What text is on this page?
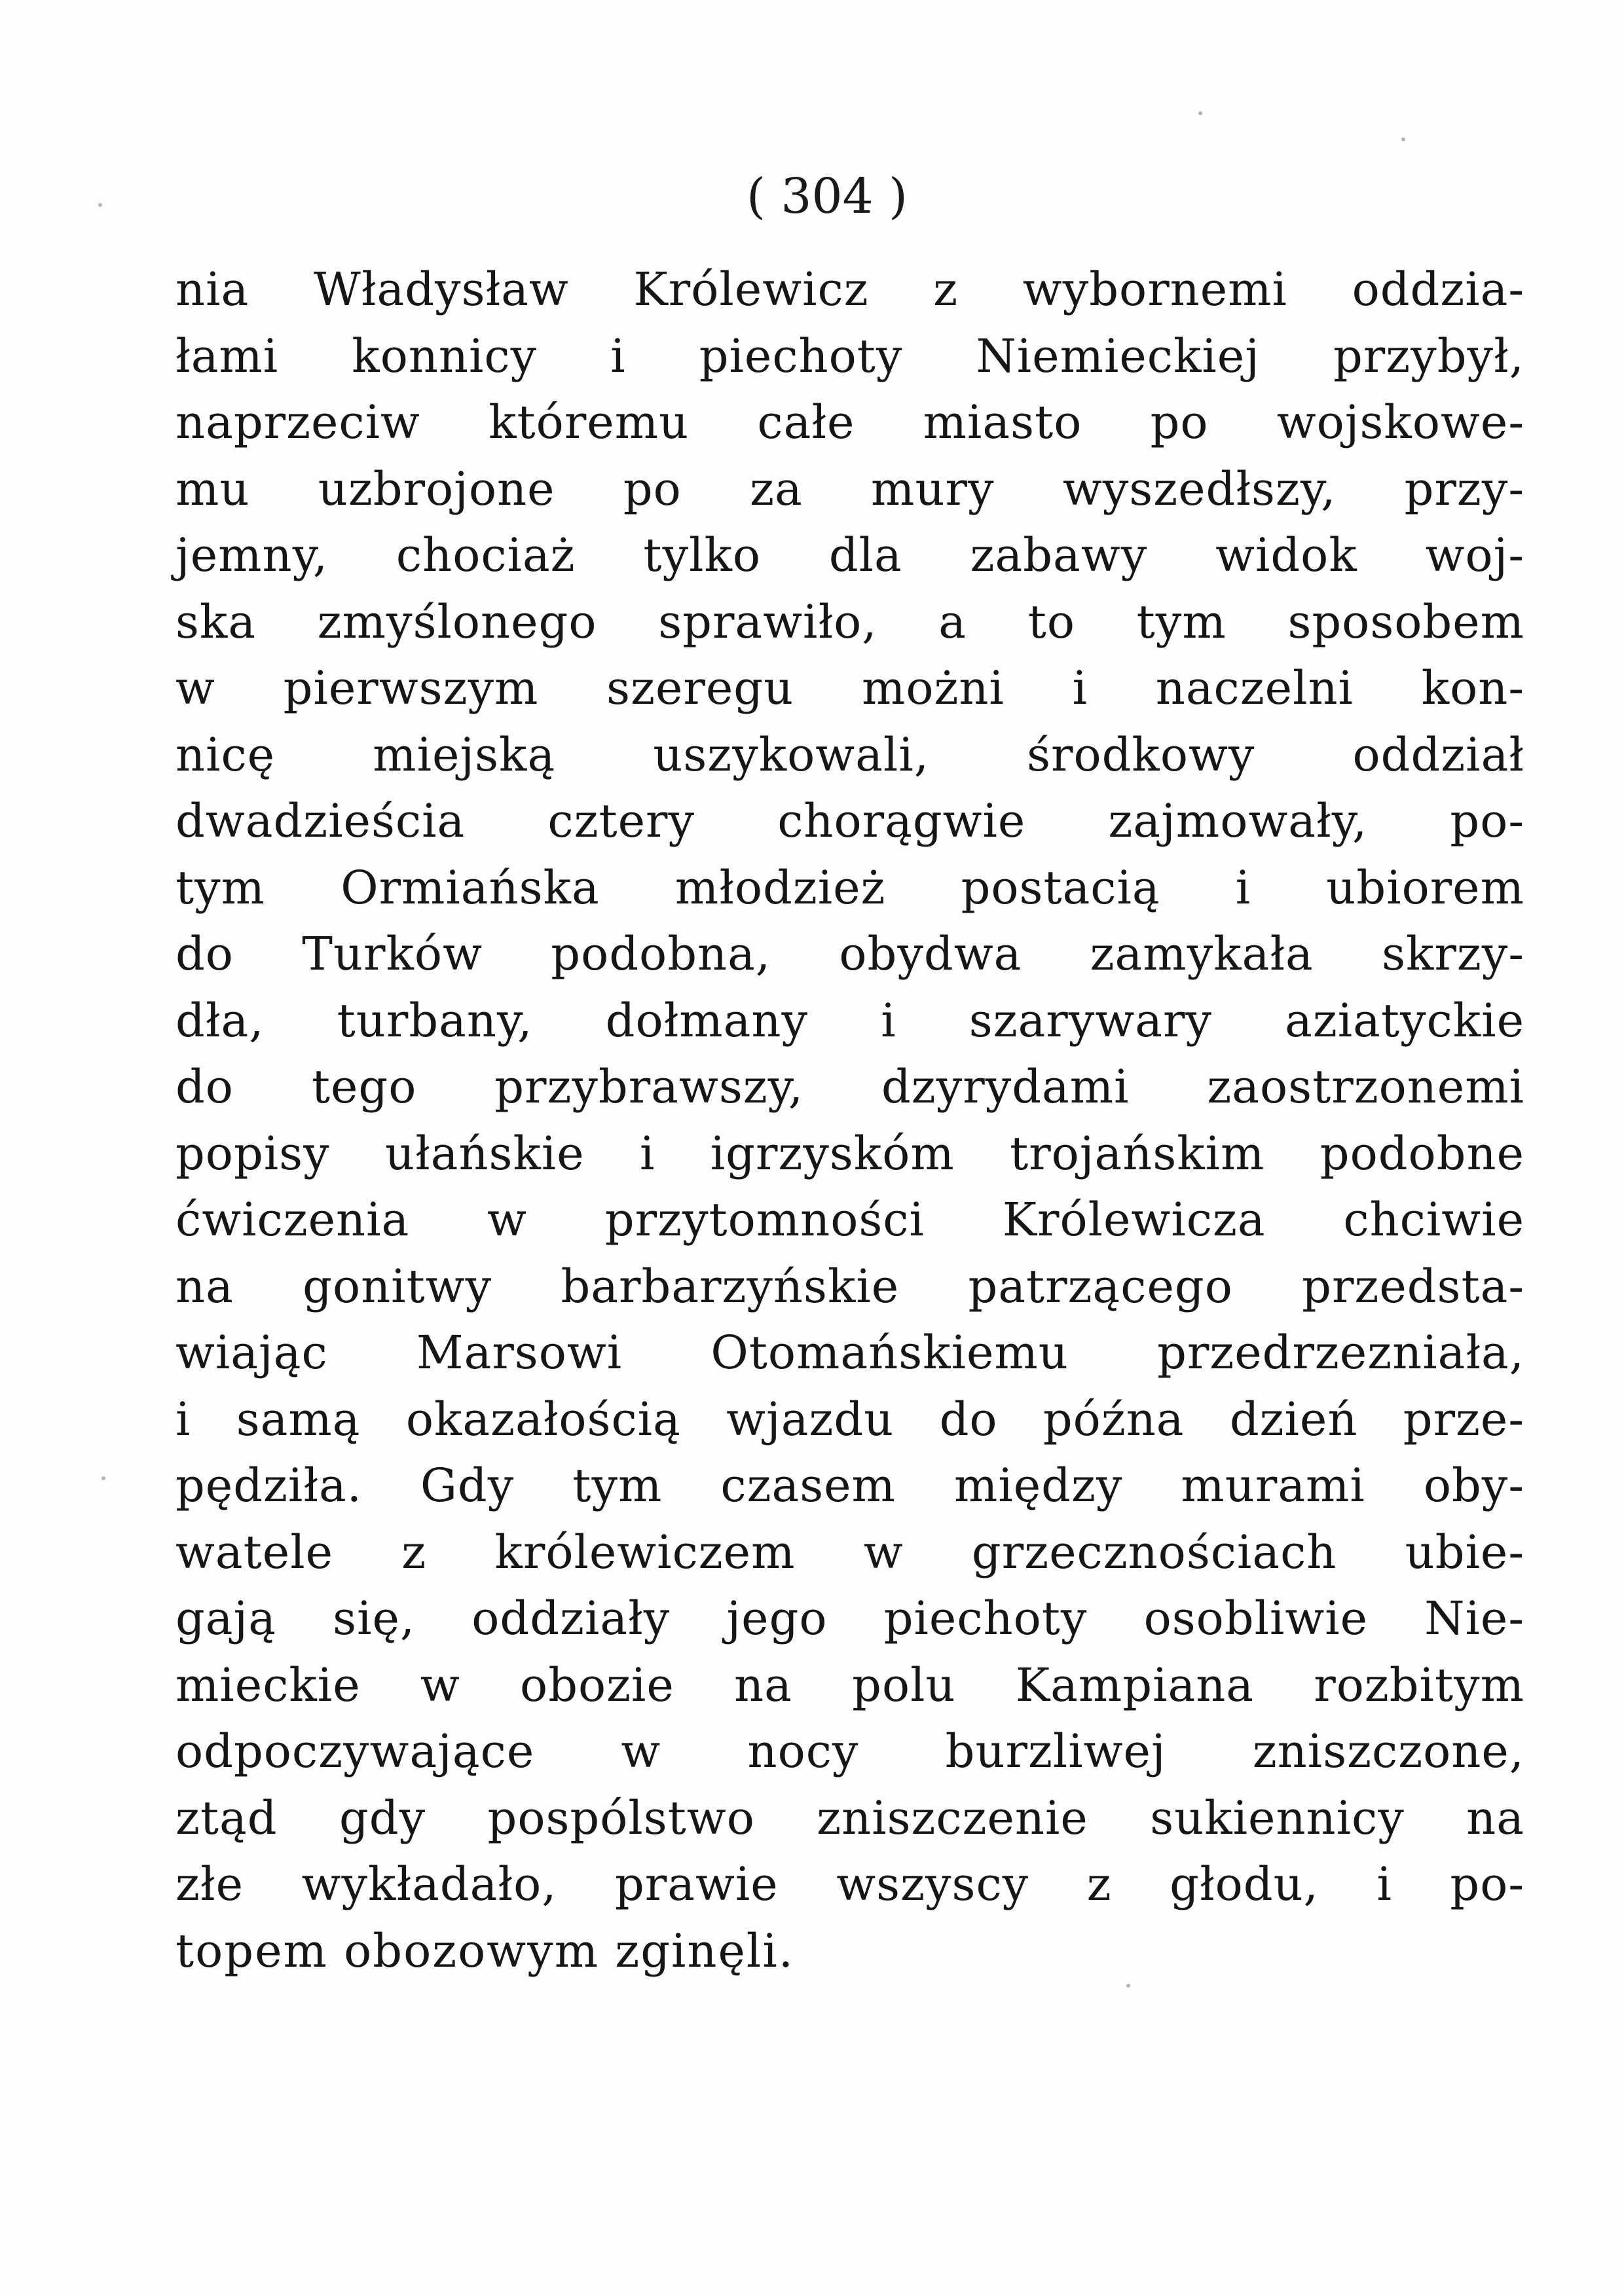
( 304 )
nia Władysław Królewicz z wybornemi oddzia-
łami konnicy i piechoty Niemieckiej przybył,
naprzeciw któremu całe miasto po wojskowe-
mu uzbrojone po za mury wyszedłszy, przy-
jemny, chociaż tylko dla zabawy widok woj-
ska zmyślonego sprawiło, a to tym sposobem
w pierwszym szeregu możni i naczelni kon-
nicę miejską uszykowali, środkowy oddział
dwadzieścia cztery chorągwie zajmowały, po-
tym Ormiańska młodzież postacią i ubiorem
do Turków podobna, obydwa zamykała skrzy-
dła, turbany, dołmany i szarywary aziatyckie
do tego przybrawszy, dzyrydami zaostrzonemi
popisy ułańskie i igrzyskóm trojańskim podobne
ćwiczenia w przytomności Królewicza chciwie
na gonitwy barbarzyńskie patrzącego przedsta-
wiając Marsowi Otomańskiemu przedrzezniała,
i samą okazałością wjazdu do późna dzień prze-
pędziła. Gdy tym czasem między murami oby-
watele z królewiczem w grzecznościach ubie-
gają się, oddziały jego piechoty osobliwie Nie-
mieckie w obozie na polu Kampiana rozbitym
odpoczywające w nocy burzliwej zniszczone,
ztąd gdy pospólstwo zniszczenie sukiennicy na
złe wykładało, prawie wszyscy z głodu, i po-
topem obozowym zginęli.
